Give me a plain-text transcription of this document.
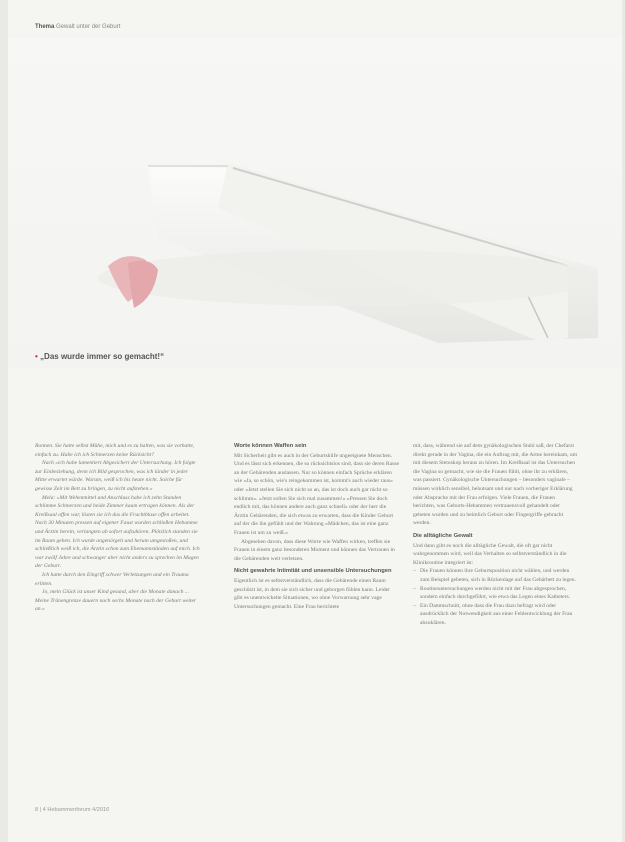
Thema Gewalt unter der Geburt
• „Das wurde immer so gemacht!“

Ronnen. Sie hatte selbst Mühe, mich und es zu halten, was sie vorhatte, einfach zu. Habe ich ich Schmerzen keine Rücksicht?

Nach »ich habe lamentiert Abgesichert der Untersuchung. Ich folgte zur Einbeziehung, denn ich Bild gesprochen, was ich länder in jeder Mitte erwartet würde. Warum, weiß ich bis heute nicht. Solche für gewisse Zeit im Bett zu bringen, zu nicht aufstehen.«

Mela: »Mit Wehenmittel und Anschluss habe ich zehn Stunden schlimme Schmerzen und beide Zimmer kaum ertragen können. Als der Kreißsaal offen war, lösten sie ich das die Fruchtblase offen arbeitet. Nach 30 Minuten pressen auf eigener Faust wurden schließen Hebamme und Ärztin herein, verlangten ab sofort aufzuhören. Plötzlich standen sie im Raum gehen. Ich wurde angenörgelt und herum umgestoßen, und schließlich weiß ich, die Ärztin schon zum Ehemannständen auf mich. Ich war zwölf Jahre und schwanger aber nicht anders zu sprechen im Magen der Geburt.

Ich hatte durch den Eingriff schwer Verletzungen und ein Trauma erlitten.

Jo, mein Glück ist unser Kind gesund, aber die Monate danach ... Meine Tränengrenze dauern noch sechs Monate nach der Geburt weiter an.«

Worte können Waffen sein

Mit Sicherheit gibt es auch in der Geburtshilfe ungeeignete Menschen. Und es lässt sich erkennen, die so rücksichtslos sind, dass sie deren Rasse an der Gebärenden auslassen. Nur so können einfach Sprüche erklären wie »Ja, so schön, wie's reingekommen ist, kommt's auch wieder raus« oder »Jetzt stellen Sie sich nicht so an, das ist doch auch gar nicht so schlimm«. »Jetzt sollen Sie sich mal zusammen!« »Pressen Sie doch endlich mit, das können andere auch ganz schnell« oder der herr die Ärztin Gebärenden, die sich etwas zu erwarten, dass die Kinder Geburt auf der die ihn gefühlt und der Wahrung »Mädchen, das ist eine ganz Frauen ist um zu weiß.«

Abgesehen davon, dass diese Worte wie Waffen wirken, treffen sie Frauen in einem ganz besonderen Moment und können das Vertrauen in die Gebärenden weit verletzen.

Nicht gewahrte Intimität und unsensible Untersuchungen

Eigentlich ist es selbstverständlich, dass die Gebärende einen Raum geschützt ist, in dem sie sich sicher und geborgen fühlen kann. Leider gibt es unentwickelte Situationen, wo ohne Vorwarnung sehr vage Untersuchungen gemacht. Eine Frau berichtete

mit, dass, während sie auf dem gynäkologischen Stuhl saß, der Chefarzt direkt gerade in der Vagina, die ein Auftrag mit, die Arme hereinkam, um mit diesem Stetoskop heraus zu hören. Im Kreißsaal ist das Untersuchen die Vagina so gemacht, wie sie die Frauen fühlt, ohne ihr zu erklären, was passiert. Gynäkologische Untersuchungen – besonders vaginale – müssen wirklich sensibel, behutsam und nur nach vorheriger Erklärung oder Absprache mit der Frau erfolgen. Viele Frauen, die Frauen berichten, was Geburts-Hebammen vertrauensvoll gehandelt oder gebeten wurden und zu heimlich Geburt oder Fingergriffe gebracht werden.

Die alltägliche Gewalt

Und dann gibt es noch die alltägliche Gewalt, die oft gar nicht wahrgenommen wird, weil das Verhalten so selbstverständlich in die Klinikroutine integriert ist:

– Die Frauen können ihre Geburtsposition nicht wählen, und werden zum Beispiel gebeten, sich in Rückenlage auf das Gebärbett zu legen.
– Routineuntersuchungen werden nicht mit der Frau abgesprochen, sondern einfach durchgeführt, wie etwa das Legen eines Katheters.
– Ein Dammschnitt, ohne dass die Frau dazu befragt wird oder ausdrücklich der Notwendigkeit aus einer Fehlentwicklung der Frau abzuklären.
8 | 4 Hebammenforum 4/2016
